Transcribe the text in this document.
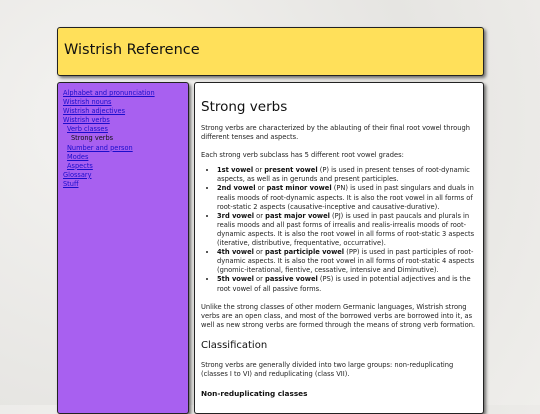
Wistrish Reference
Alphabet and pronunciation
Wistrish nouns
Wistrish adjectives
Wistrish verbs
Verb classes
Strong verbs
Number and person
Modes
Aspects
Glossary
Stuff
Strong verbs

Strong verbs are characterized by the ablauting of their final root vowel through different tenses and aspects.

Each strong verb subclass has 5 different root vowel grades:

• 1st vowel or present vowel (P) is used in present tenses of root-dynamic aspects, as well as in gerunds and present participles.
• 2nd vowel or past minor vowel (PN) is used in past singulars and duals in realis moods of root-dynamic aspects. It is also the root vowel in all forms of root-static 2 aspects (causative-inceptive and causative-durative).
• 3rd vowel or past major vowel (PJ) is used in past paucals and plurals in realis moods and all past forms of irrealis and realis-irrealis moods of root-dynamic aspects. It is also the root vowel in all forms of root-static 3 aspects (iterative, distributive, frequentative, occurrative).
• 4th vowel or past participle vowel (PP) is used in past participles of root-dynamic aspects. It is also the root vowel in all forms of root-static 4 aspects (gnomic-iterational, fientive, cessative, intensive and Diminutive).
• 5th vowel or passive vowel (PS) is used in potential adjectives and is the root vowel of all passive forms.

Unlike the strong classes of other modern Germanic languages, Wistrish strong verbs are an open class, and most of the borrowed verbs are borrowed into it, as well as new strong verbs are formed through the means of strong verb formation.

Classification

Strong verbs are generally divided into two large groups: non-reduplicating (classes I to VI) and reduplicating (class VII).

Non-reduplicating classes
